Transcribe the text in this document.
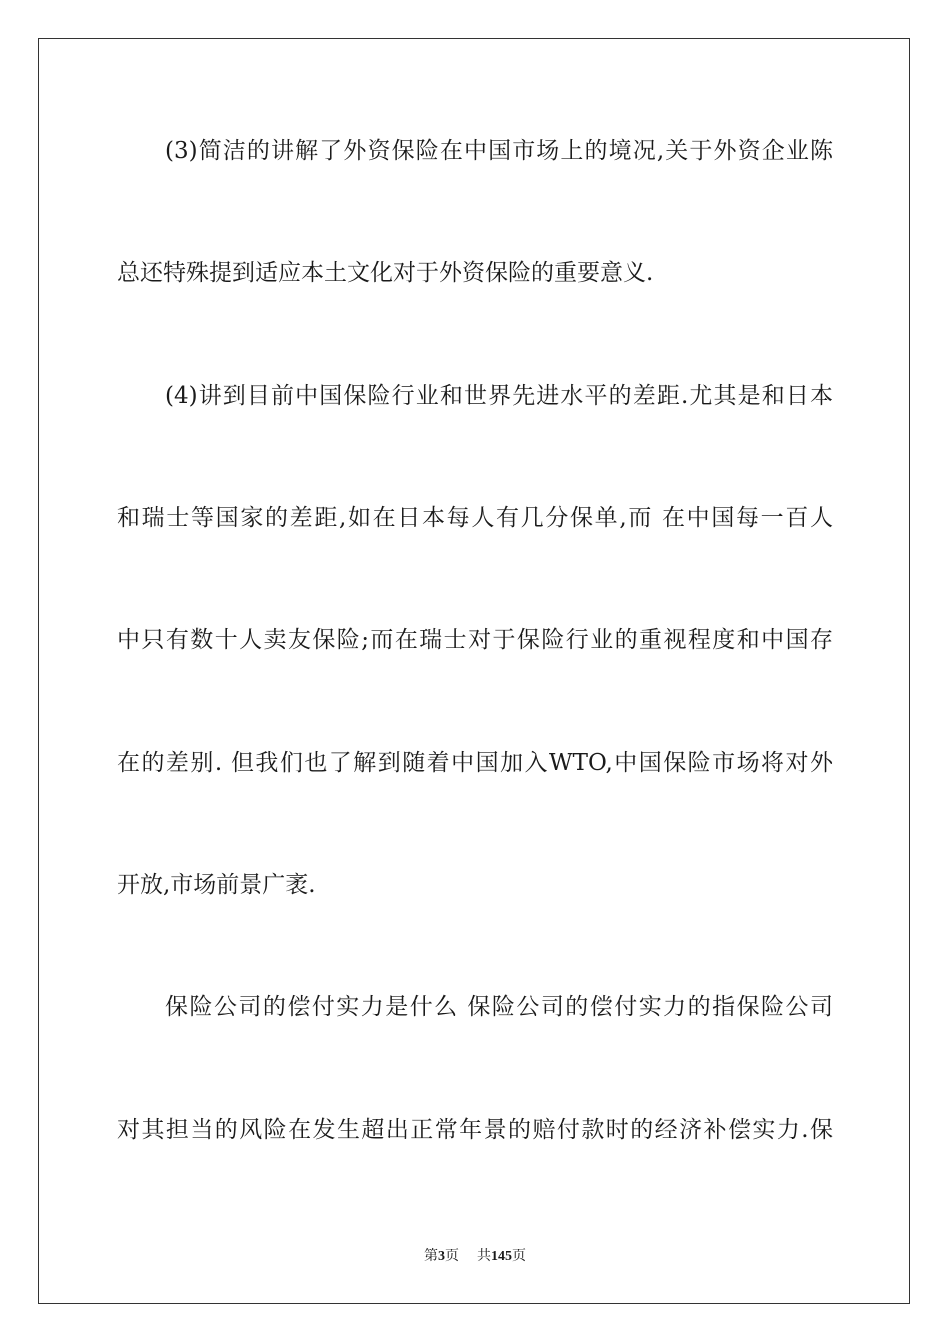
(3)简洁的讲解了外资保险在中国市场上的境况,关于外资企业陈
总还特殊提到适应本土文化对于外资保险的重要意义.
(4)讲到目前中国保险行业和世界先进水平的差距.尤其是和日本
和瑞士等国家的差距,如在日本每人有几分保单,而 在中国每一百人
中只有数十人卖友保险;而在瑞士对于保险行业的重视程度和中国存
在的差别. 但我们也了解到随着中国加入WTO,中国保险市场将对外
开放,市场前景广袤.
保险公司的偿付实力是什么 保险公司的偿付实力的指保险公司
对其担当的风险在发生超出正常年景的赔付款时的经济补偿实力.保
第3页 共145页
